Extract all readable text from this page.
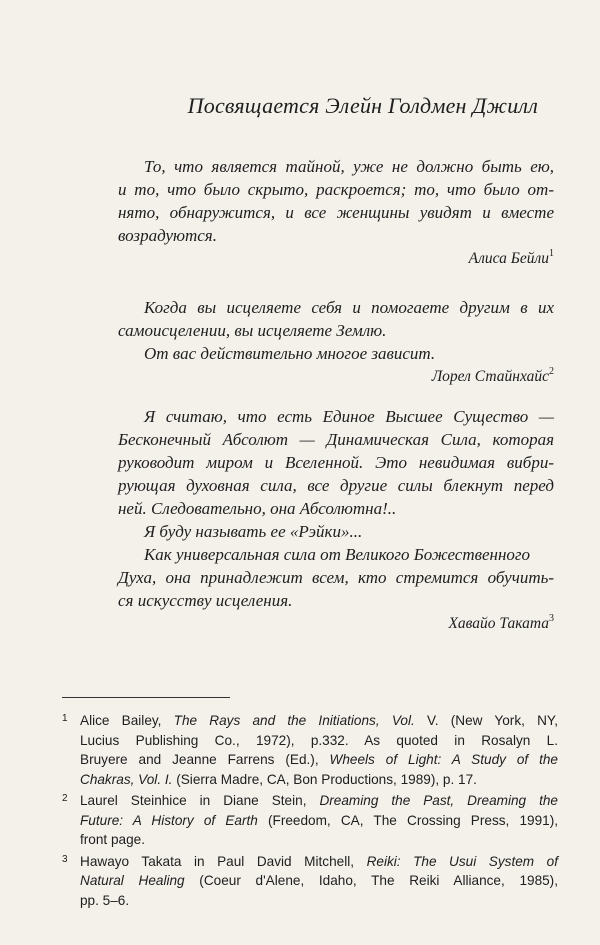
Посвящается Элейн Голдмен Джилл
То, что является тайной, уже не должно быть ею,
и то, что было скрыто, раскроется; то, что было от-
нято, обнаружится, и все женщины увидят и вместе
возрадуются.
Алиса Бейли$^1$
Когда вы исцеляете себя и помогаете другим в их
самоисцелении, вы исцеляете Землю.
От вас действительно многое зависит.
Лорел Стайнхайс$^2$
Я считаю, что есть Единое Высшее Существо —
Бесконечный Абсолют — Динамическая Сила, которая
руководит миром и Вселенной. Это невидимая вибри-
рующая духовная сила, все другие силы блекнут перед
ней. Следовательно, она Абсолютна!..
Я буду называть ее «Рэйки»...
Как универсальная сила от Великого Божественного
Духа, она принадлежит всем, кто стремится обучить-
ся искусству исцеления.
Хавайо Таката$^3$
1 Alice Bailey, The Rays and the Initiations, Vol. V. (New York, NY,
Lucius Publishing Co., 1972), p.332. As quoted in Rosalyn L.
Bruyere and Jeanne Farrens (Ed.), Wheels of Light: A Study of the
Chakras, Vol. I. (Sierra Madre, CA, Bon Productions, 1989), p. 17.
2 Laurel Steinhice in Diane Stein, Dreaming the Past, Dreaming the
Future: A History of Earth (Freedom, CA, The Crossing Press, 1991),
front page.
3 Hawayo Takata in Paul David Mitchell, Reiki: The Usui System of
Natural Healing (Coeur d'Alene, Idaho, The Reiki Alliance, 1985),
pp. 5–6.
